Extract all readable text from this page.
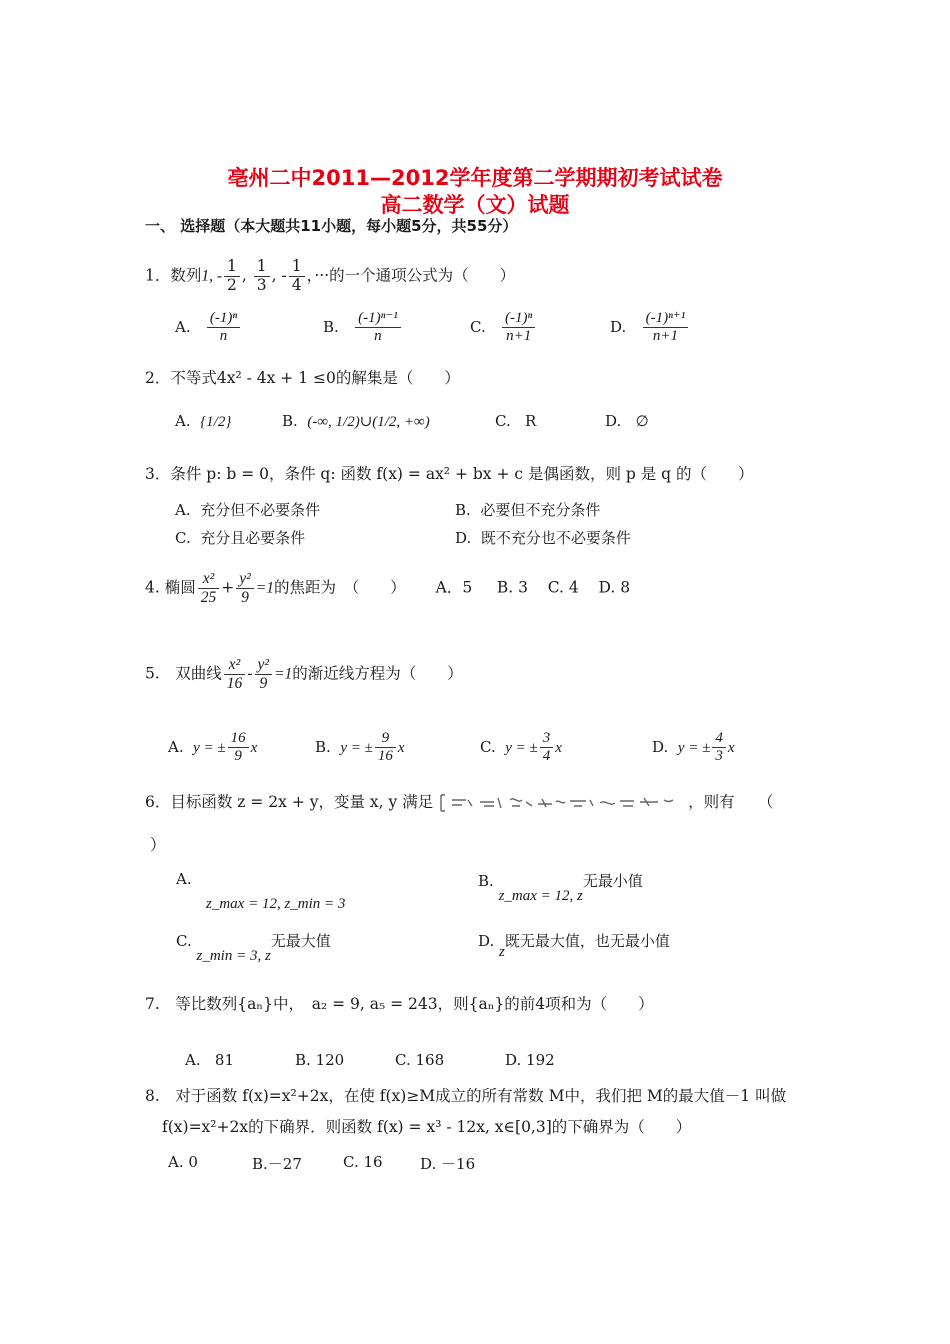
亳州二中2011—2012学年度第二学期期初考试试卷
高二数学（文）试题
一、 选择题（本大题共11小题，每小题5分，共55分）
1．数列1, - $\frac{1}{2}$ , $\frac{1}{3}$ , - $\frac{1}{4}$ ，···的一个通项公式为（　　）
A. $\frac{\text{(-1)ⁿ}}{n}$	B. $\frac{\text{(-1)ⁿ⁻¹}}{n}$	C. $\frac{\text{(-1)ⁿ}}{n+1}$	D. $\frac{\text{(-1)ⁿ⁺¹}}{n+1}$
2．不等式4x² - 4x + 1 ≤0的解集是（　　）
A. {1/2}	B. (-∞, 1/2)∪(1/2, +∞)	C. R	D. ∅
3．条件 p: b = 0，条件 q: 函数 f(x) = ax² + bx + c 是偶函数，则 p 是 q 的（　　）
A. 充分但不必要条件	B. 必要但不充分条件
C. 充分且必要条件	D. 既不充分也不必要条件
4. 椭圆 $\frac{\text{x²}}{25} + \frac{\text{y²}}{9} =1$的焦距为　（　　） A．5 B. 3 C. 4 D. 8
5.　双曲线 $\frac{\text{x²}}{16} - \frac{\text{y²}}{9} =1$的渐近线方程为（　　）
A. y = ± $\frac{16}{9}$ x	B. y = ± $\frac{9}{16}$ x	C. y = ± $\frac{3}{4}$ x	D. y = ± $\frac{4}{3}$ x
6．目标函数 z = 2x + y，变量 x, y 满足	，则有　　（
）
A.
z_max = 12, z_min = 3
B. z_max = 12, z无最小值
C. z_min = 3, z无最大值	D. z既无最大值，也无最小值
7.　等比数列{aₙ}中，　a₂ = 9, a₅ = 243，则{aₙ}的前4项和为（　　）
A. 81	B. 120	C. 168	D. 192
8.　对于函数 f(x)=x²+2x，在使 f(x)≥M成立的所有常数 M中，我们把 M的最大值－1 叫做
f(x)=x²+2x的下确界．则函数 f(x) = x³ - 12x, x∈[0,3]的下确界为（　　）
A. 0	B.－27	C. 16 D. －16
